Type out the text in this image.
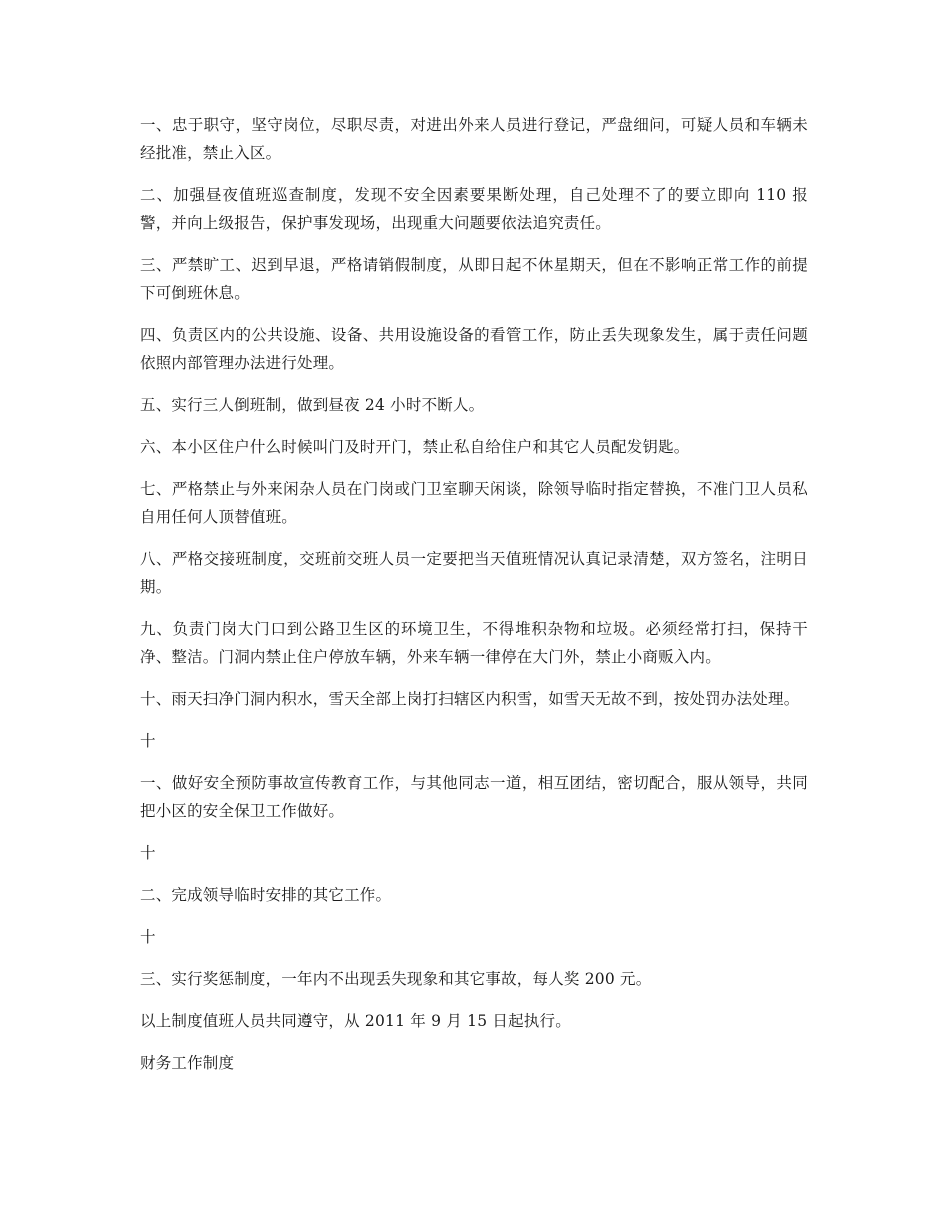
一、忠于职守，坚守岗位，尽职尽责，对进出外来人员进行登记，严盘细问，可疑人员和车辆未经批准，禁止入区。

二、加强昼夜值班巡查制度，发现不安全因素要果断处理，自己处理不了的要立即向 110 报警，并向上级报告，保护事发现场，出现重大问题要依法追究责任。

三、严禁旷工、迟到早退，严格请销假制度，从即日起不休星期天，但在不影响正常工作的前提下可倒班休息。

四、负责区内的公共设施、设备、共用设施设备的看管工作，防止丢失现象发生，属于责任问题依照内部管理办法进行处理。

五、实行三人倒班制，做到昼夜 24 小时不断人。

六、本小区住户什么时候叫门及时开门，禁止私自给住户和其它人员配发钥匙。

七、严格禁止与外来闲杂人员在门岗或门卫室聊天闲谈，除领导临时指定替换，不准门卫人员私自用任何人顶替值班。

八、严格交接班制度，交班前交班人员一定要把当天值班情况认真记录清楚，双方签名，注明日期。

九、负责门岗大门口到公路卫生区的环境卫生，不得堆积杂物和垃圾。必须经常打扫，保持干净、整洁。门洞内禁止住户停放车辆，外来车辆一律停在大门外，禁止小商贩入内。

十、雨天扫净门洞内积水，雪天全部上岗打扫辖区内积雪，如雪天无故不到，按处罚办法处理。

十

一、做好安全预防事故宣传教育工作，与其他同志一道，相互团结，密切配合，服从领导，共同把小区的安全保卫工作做好。

十

二、完成领导临时安排的其它工作。

十

三、实行奖惩制度，一年内不出现丢失现象和其它事故，每人奖 200 元。

以上制度值班人员共同遵守，从 2011 年 9 月 15 日起执行。

财务工作制度
